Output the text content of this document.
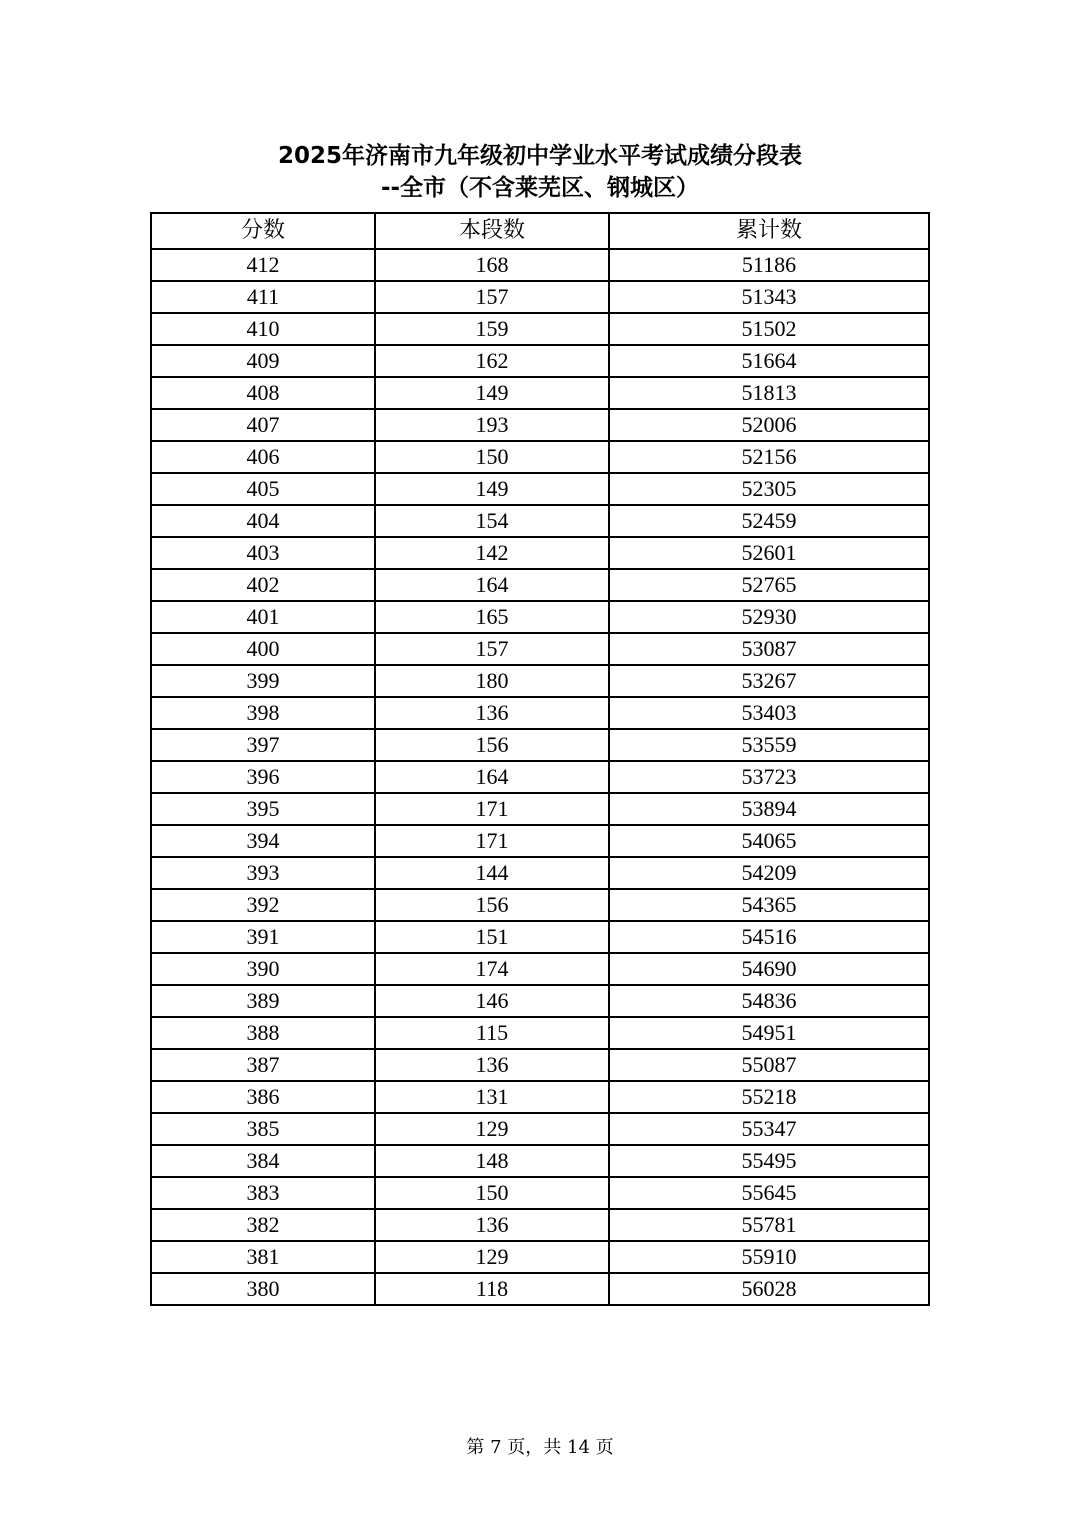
2025年济南市九年级初中学业水平考试成绩分段表
--全市（不含莱芜区、钢城区）
分数	本段数	累计数
412	168	51186
411	157	51343
410	159	51502
409	162	51664
408	149	51813
407	193	52006
406	150	52156
405	149	52305
404	154	52459
403	142	52601
402	164	52765
401	165	52930
400	157	53087
399	180	53267
398	136	53403
397	156	53559
396	164	53723
395	171	53894
394	171	54065
393	144	54209
392	156	54365
391	151	54516
390	174	54690
389	146	54836
388	115	54951
387	136	55087
386	131	55218
385	129	55347
384	148	55495
383	150	55645
382	136	55781
381	129	55910
380	118	56028
第 7 页，共 14 页
